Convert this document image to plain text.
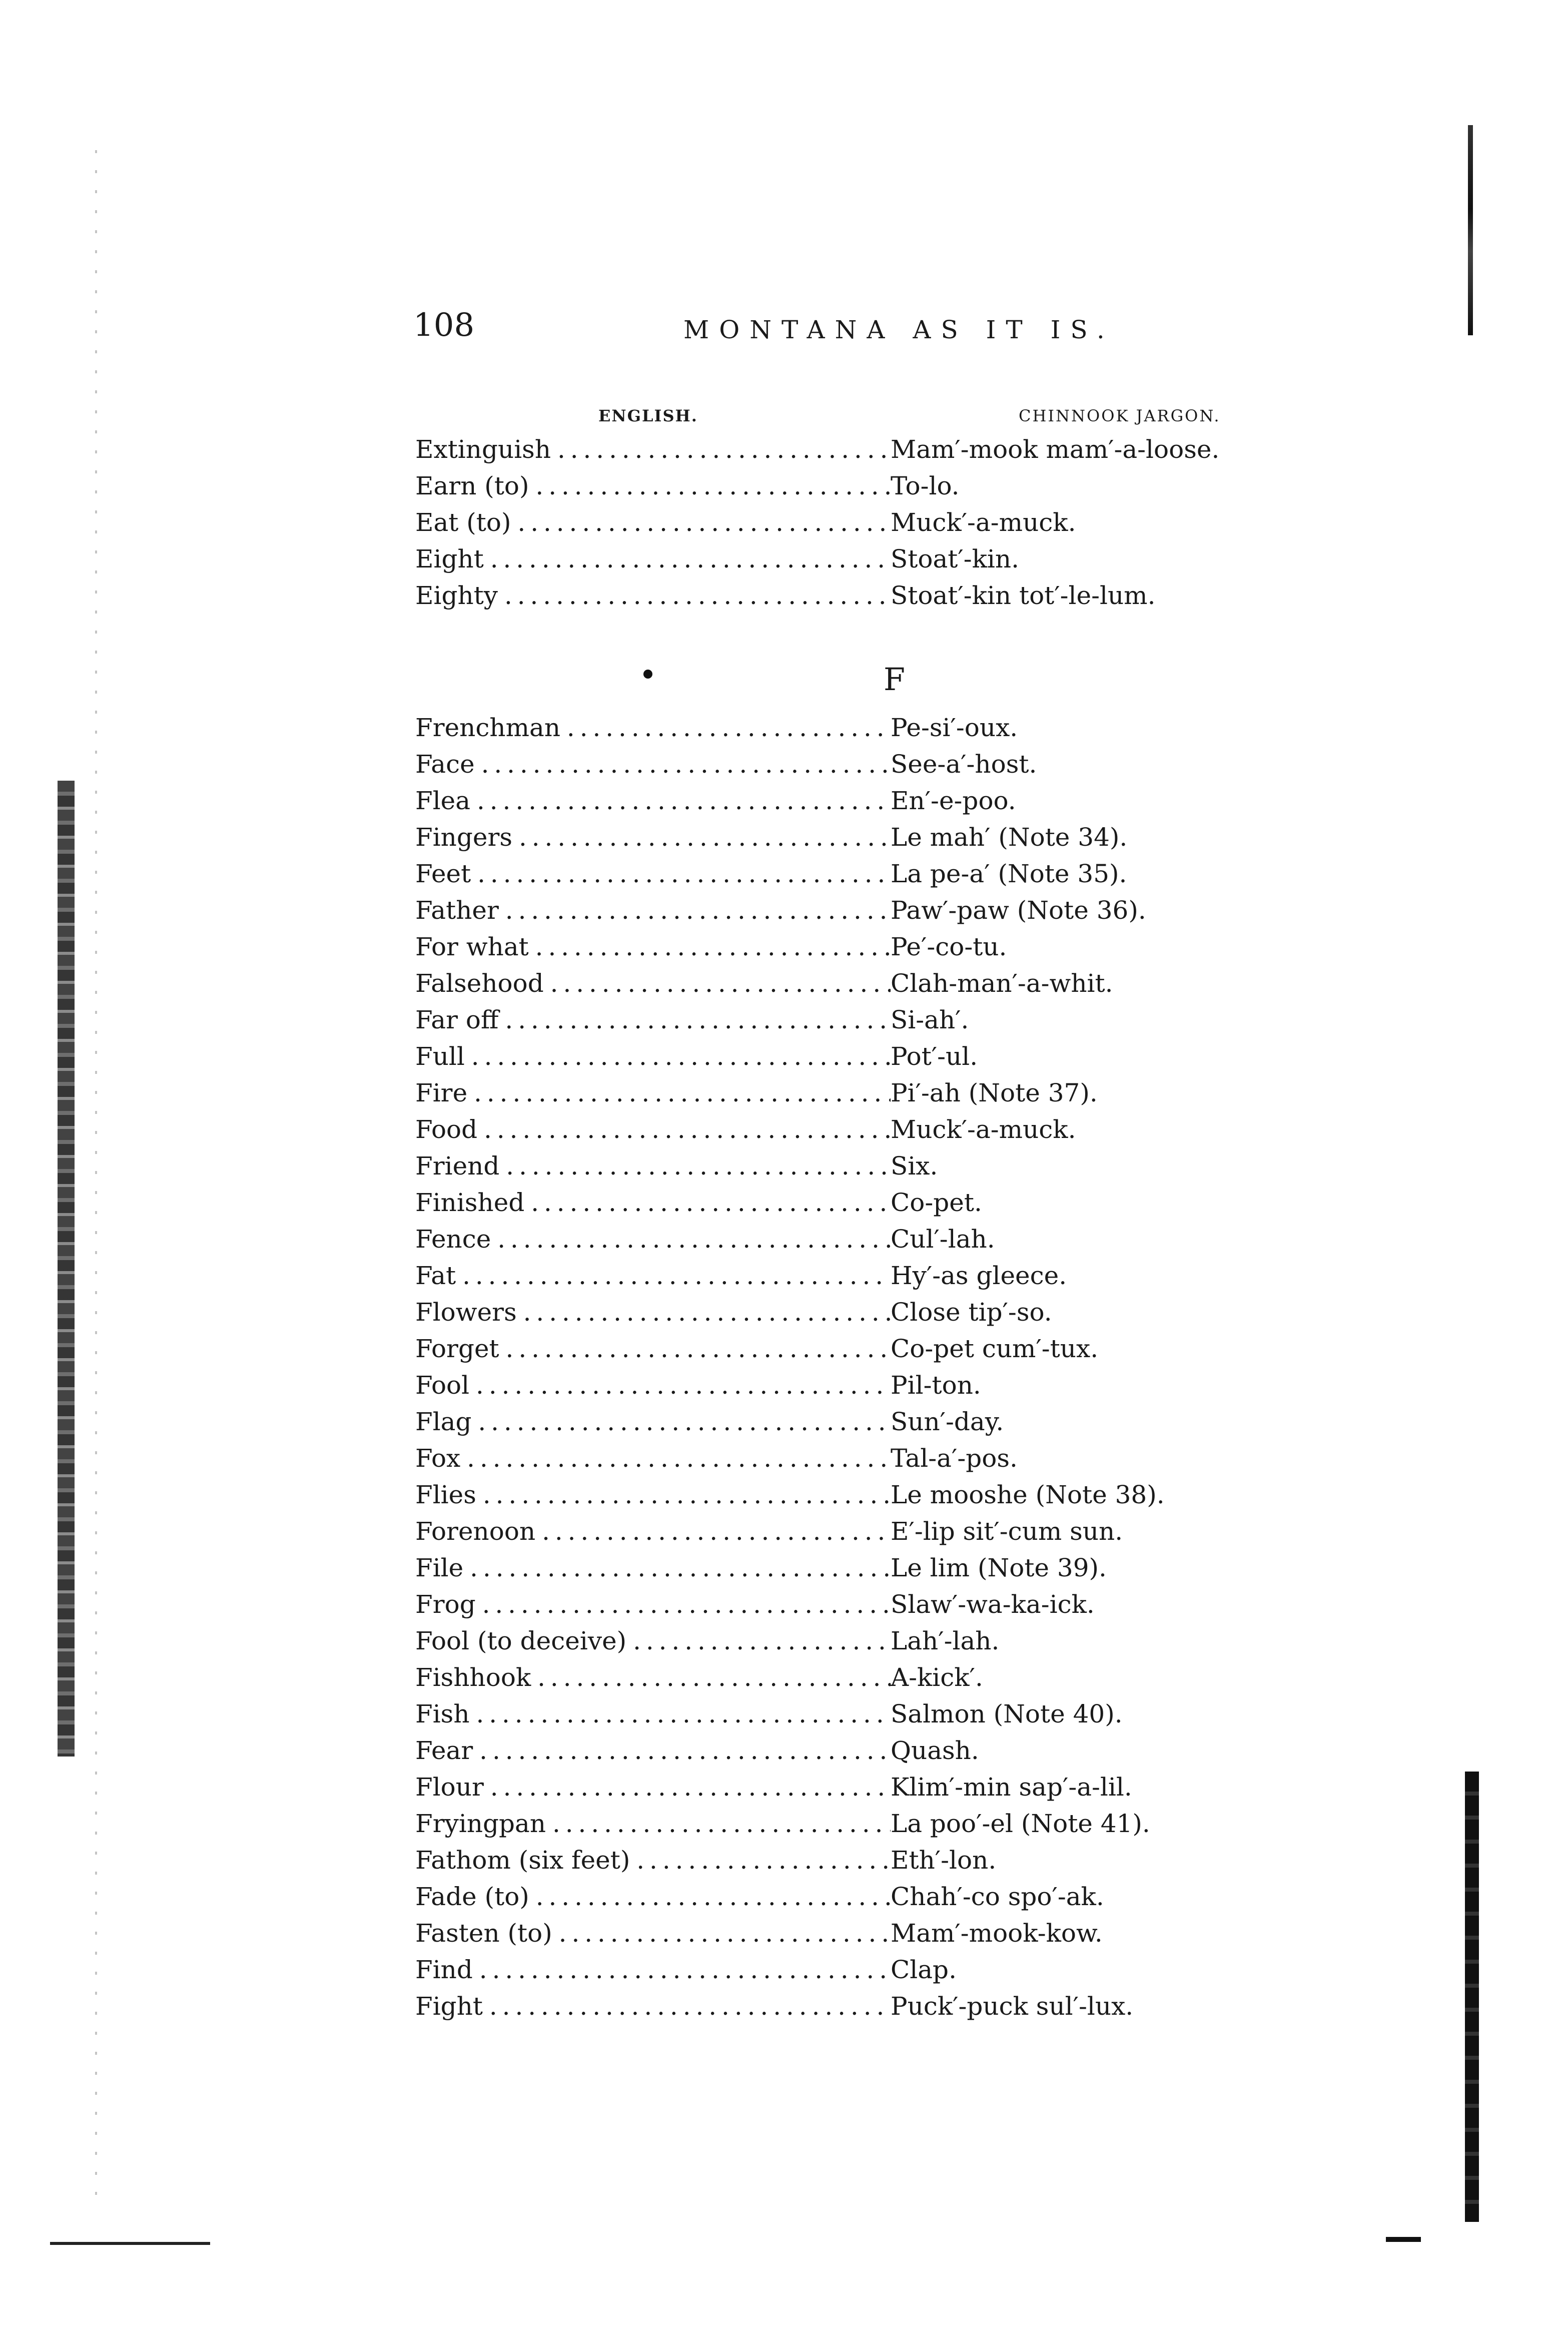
108	MONTANA AS IT IS.
ENGLISH.	CHINNOOK JARGON.
Extinguish . . .	Mam′-mook mam′-a-loose.
Earn (to) . . .	To-lo.
Eat (to) . . .	Muck′-a-muck.
Eight . . .	Stoat′-kin.
Eighty . . .	Stoat′-kin tot′-le-lum.
F
Frenchman . . .	Pe-si′-oux.
Face . . .	See-a′-host.
Flea . . .	En′-e-poo.
Fingers . . .	Le mah′ (Note 34).
Feet . . .	La pe-a′ (Note 35).
Father . . .	Paw′-paw (Note 36).
For what . . .	Pe′-co-tu.
Falsehood . . .	Clah-man′-a-whit.
Far off . . .	Si-ah′.
Full . . .	Pot′-ul.
Fire . . .	Pi′-ah (Note 37).
Food . . .	Muck′-a-muck.
Friend . . .	Six.
Finished . . .	Co-pet.
Fence . . .	Cul′-lah.
Fat . . .	Hy′-as gleece.
Flowers . . .	Close tip′-so.
Forget . . .	Co-pet cum′-tux.
Fool . . .	Pil-ton.
Flag . . .	Sun′-day.
Fox . . .	Tal-a′-pos.
Flies . . .	Le mooshe (Note 38).
Forenoon . . .	E′-lip sit′-cum sun.
File . . .	Le lim (Note 39).
Frog . . .	Slaw′-wa-ka-ick.
Fool (to deceive) . . .	Lah′-lah.
Fishhook . . .	A-kick′.
Fish . . .	Salmon (Note 40).
Fear . . .	Quash.
Flour . . .	Klim′-min sap′-a-lil.
Fryingpan . . .	La poo′-el (Note 41).
Fathom (six feet) . . .	Eth′-lon.
Fade (to) . . .	Chah′-co spo′-ak.
Fasten (to) . . .	Mam′-mook-kow.
Find . . .	Clap.
Fight . . .	Puck′-puck sul′-lux.
